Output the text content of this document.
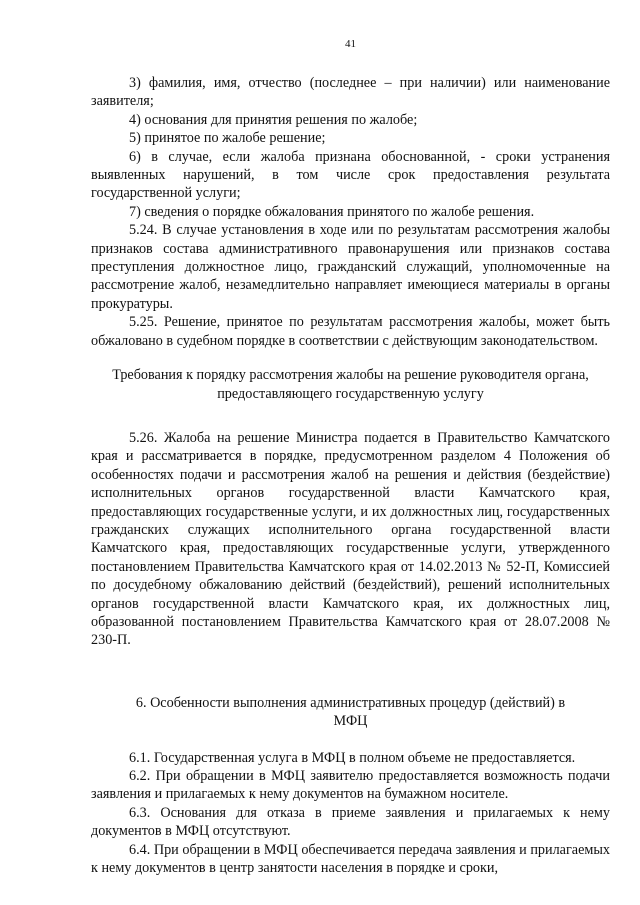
41

3) фамилия, имя, отчество (последнее – при наличии) или наименование заявителя;

4) основания для принятия решения по жалобе;

5) принятое по жалобе решение;

6) в случае, если жалоба признана обоснованной, - сроки устранения выявленных нарушений, в том числе срок предоставления результата государственной услуги;

7) сведения о порядке обжалования принятого по жалобе решения.

5.24. В случае установления в ходе или по результатам рассмотрения жалобы признаков состава административного правонарушения или признаков состава преступления должностное лицо, гражданский служащий, уполномоченные на рассмотрение жалоб, незамедлительно направляет имеющиеся материалы в органы прокуратуры.

5.25. Решение, принятое по результатам рассмотрения жалобы, может быть обжаловано в судебном порядке в соответствии с действующим законодательством.

Требования к порядку рассмотрения жалобы на решение руководителя органа, предоставляющего государственную услугу

5.26. Жалоба на решение Министра подается в Правительство Камчатского края и рассматривается в порядке, предусмотренном разделом 4 Положения об особенностях подачи и рассмотрения жалоб на решения и действия (бездействие) исполнительных органов государственной власти Камчатского края, предоставляющих государственные услуги, и их должностных лиц, государственных гражданских служащих исполнительного органа государственной власти Камчатского края, предоставляющих государственные услуги, утвержденного постановлением Правительства Камчатского края от 14.02.2013 № 52-П, Комиссией по досудебному обжалованию действий (бездействий), решений исполнительных органов государственной власти Камчатского края, их должностных лиц, образованной постановлением Правительства Камчатского края от 28.07.2008 № 230-П.

6. Особенности выполнения административных процедур (действий) в МФЦ

6.1. Государственная услуга в МФЦ в полном объеме не предоставляется.

6.2. При обращении в МФЦ заявителю предоставляется возможность подачи заявления и прилагаемых к нему документов на бумажном носителе.

6.3. Основания для отказа в приеме заявления и прилагаемых к нему документов в МФЦ отсутствуют.

6.4. При обращении в МФЦ обеспечивается передача заявления и прилагаемых к нему документов в центр занятости населения в порядке и сроки,
